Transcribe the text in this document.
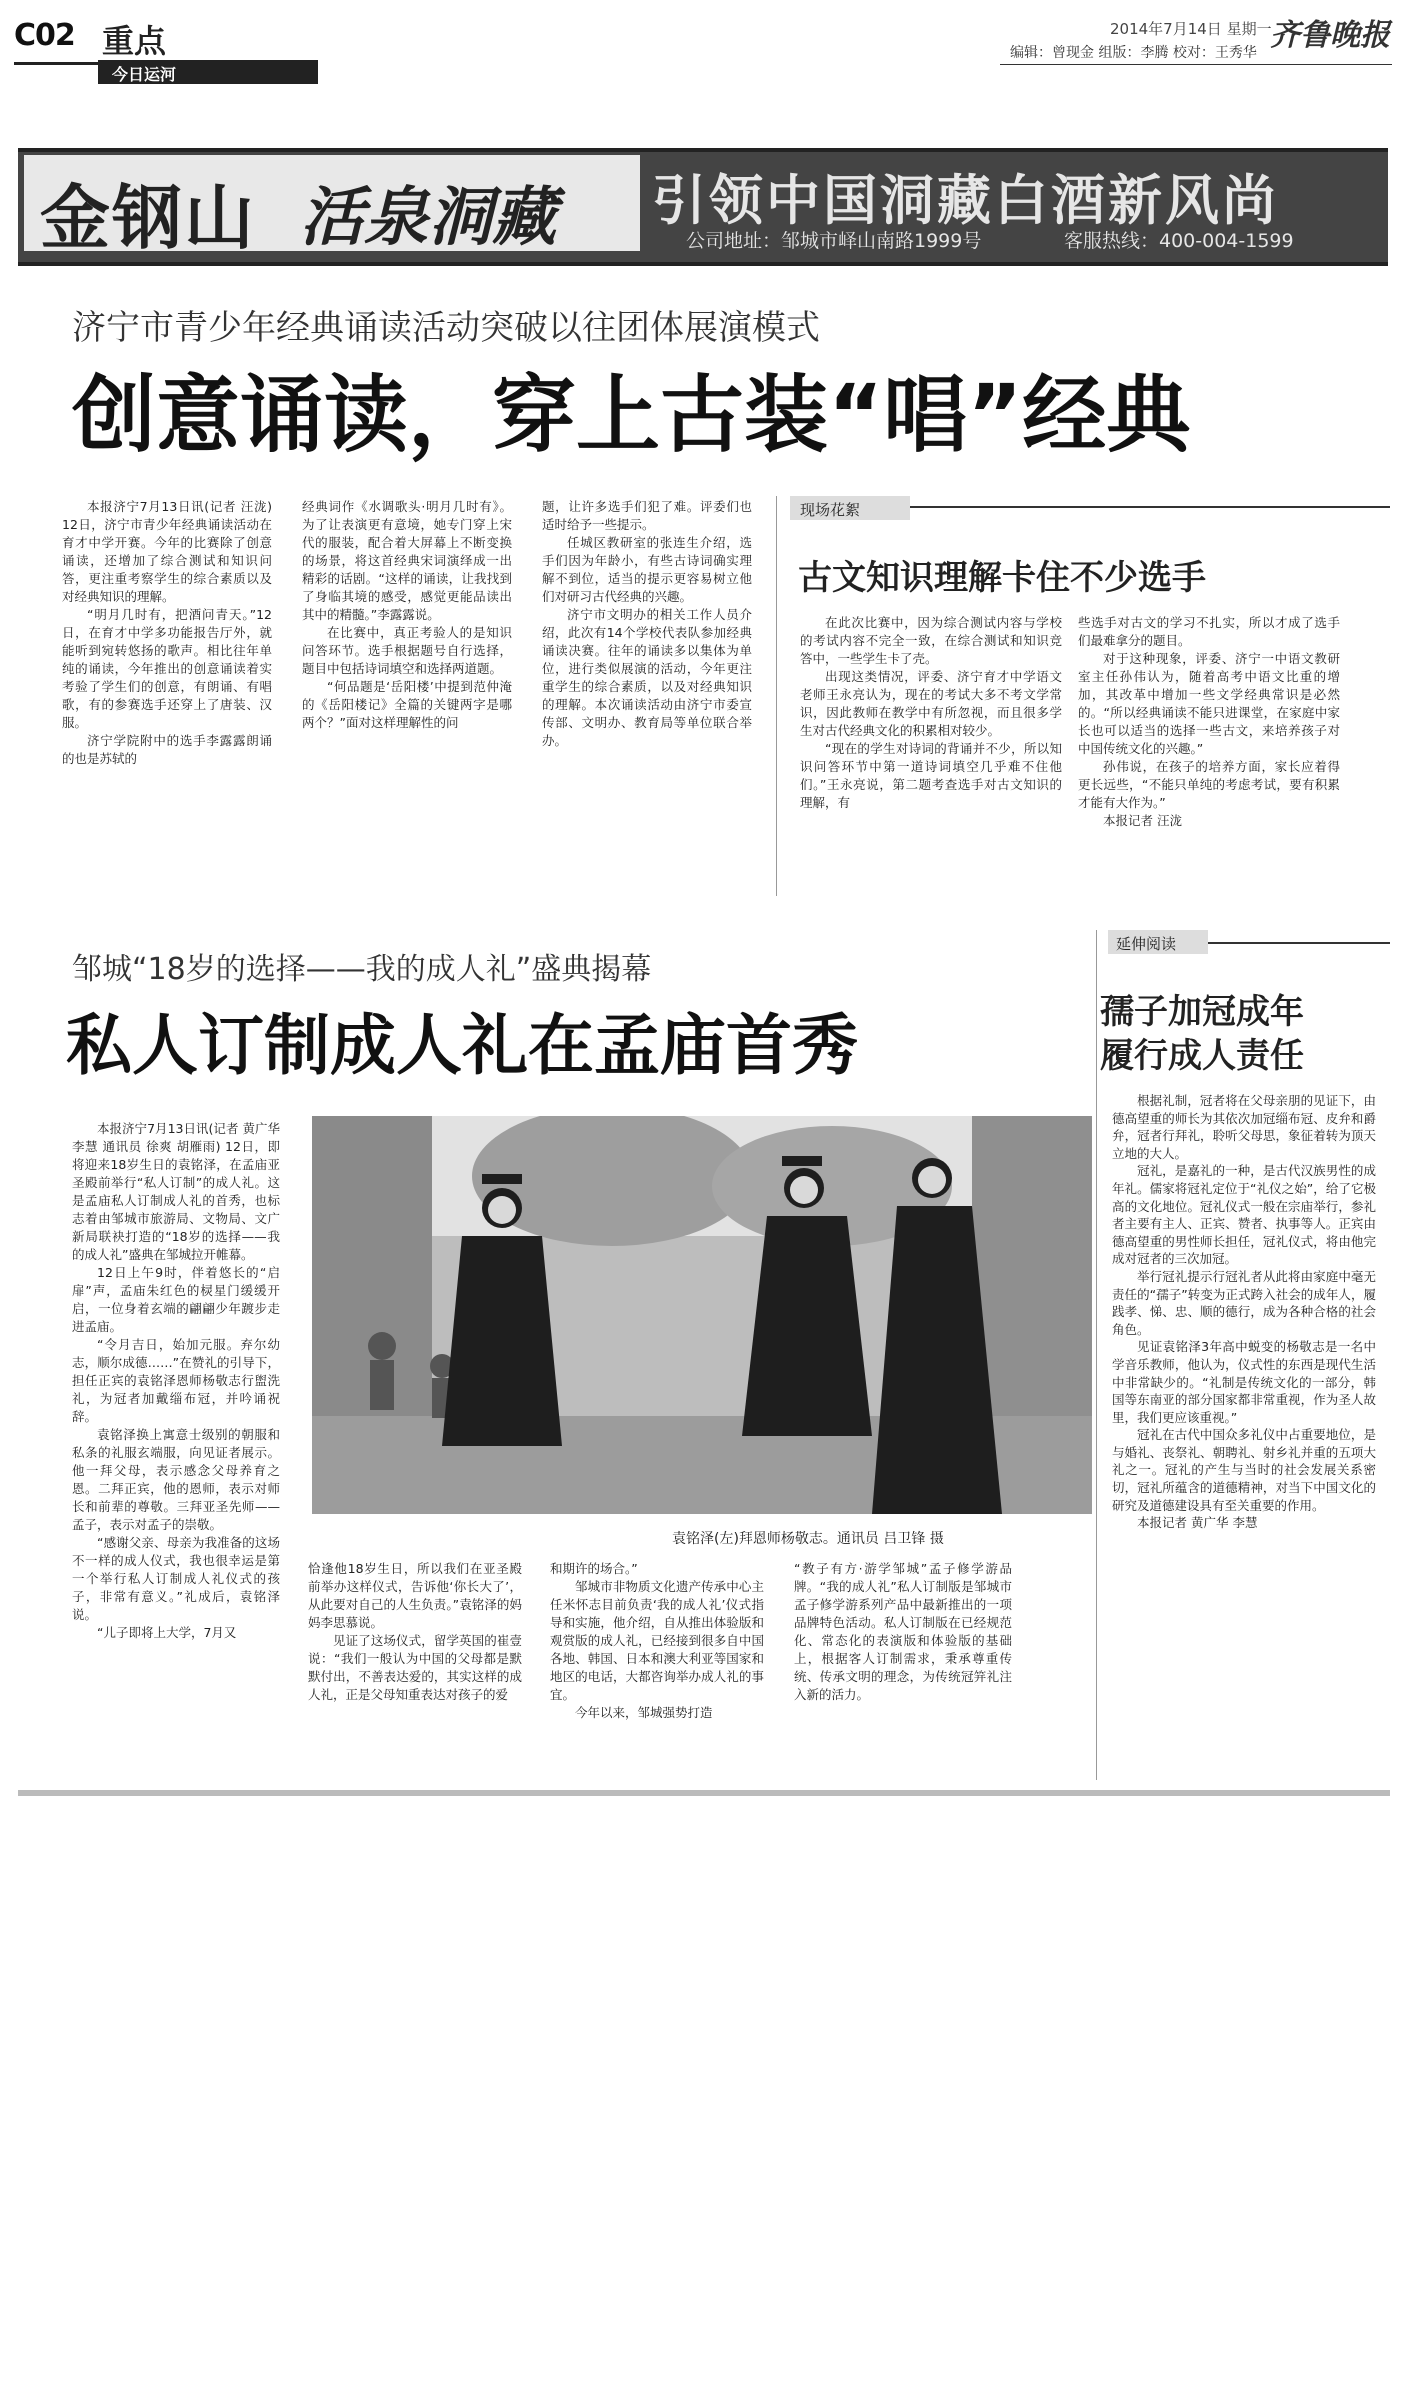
C02 重点
今日运河
2014年7月14日 星期一
齐鲁晚报
编辑：曾现金 组版：李腾 校对：王秀华
金钢山 活泉洞藏 引领中国洞藏白酒新风尚
公司地址：邹城市峄山南路1999号	客服热线：400-004-1599
济宁市青少年经典诵读活动突破以往团体展演模式
创意诵读，穿上古装“唱”经典

本报济宁7月13日讯(记者 汪泷) 12日，济宁市青少年经典诵读活动在育才中学开赛。今年的比赛除了创意诵读，还增加了综合测试和知识问答，更注重考察学生的综合素质以及对经典知识的理解。

“明月几时有，把酒问青天。”12日，在育才中学多功能报告厅外，就能听到宛转悠扬的歌声。相比往年单纯的诵读，今年推出的创意诵读着实考验了学生们的创意，有朗诵、有唱歌，有的参赛选手还穿上了唐装、汉服。

济宁学院附中的选手李露露朗诵的也是苏轼的

经典词作《水调歌头·明月几时有》。为了让表演更有意境，她专门穿上宋代的服装，配合着大屏幕上不断变换的场景，将这首经典宋词演绎成一出精彩的话剧。“这样的诵读，让我找到了身临其境的感受，感觉更能品读出其中的精髓。”李露露说。

在比赛中，真正考验人的是知识问答环节。选手根据题号自行选择，题目中包括诗词填空和选择两道题。

“何品题是‘岳阳楼’中提到范仲淹的《岳阳楼记》全篇的关键两字是哪两个？”面对这样理解性的问

题，让许多选手们犯了难。评委们也适时给予一些提示。

任城区教研室的张连生介绍，选手们因为年龄小，有些古诗词确实理解不到位，适当的提示更容易树立他们对研习古代经典的兴趣。

济宁市文明办的相关工作人员介绍，此次有14个学校代表队参加经典诵读决赛。往年的诵读多以集体为单位，进行类似展演的活动，今年更注重学生的综合素质，以及对经典知识的理解。本次诵读活动由济宁市委宣传部、文明办、教育局等单位联合举办。

现场花絮
古文知识理解卡住不少选手

在此次比赛中，因为综合测试内容与学校的考试内容不完全一致，在综合测试和知识竞答中，一些学生卡了壳。

出现这类情况，评委、济宁育才中学语文老师王永亮认为，现在的考试大多不考文学常识，因此教师在教学中有所忽视，而且很多学生对古代经典文化的积累相对较少。

“现在的学生对诗词的背诵并不少，所以知识问答环节中第一道诗词填空几乎难不住他们。”王永亮说，第二题考查选手对古文知识的理解，有

些选手对古文的学习不扎实，所以才成了选手们最难拿分的题目。

对于这种现象，评委、济宁一中语文教研室主任孙伟认为，随着高考中语文比重的增加，其改革中增加一些文学经典常识是必然的。“所以经典诵读不能只进课堂，在家庭中家长也可以适当的选择一些古文，来培养孩子对中国传统文化的兴趣。”

孙伟说，在孩子的培养方面，家长应着得更长远些，“不能只单纯的考虑考试，要有积累才能有大作为。”

本报记者 汪泷

邹城“18岁的选择——我的成人礼”盛典揭幕
私人订制成人礼在孟庙首秀

本报济宁7月13日讯(记者 黄广华 李慧 通讯员 徐爽 胡雁雨) 12日，即将迎来18岁生日的袁铭泽，在孟庙亚圣殿前举行“私人订制”的成人礼。这是孟庙私人订制成人礼的首秀，也标志着由邹城市旅游局、文物局、文广新局联袂打造的“18岁的选择——我的成人礼”盛典在邹城拉开帷幕。

12日上午9时，伴着悠长的“启扉”声，孟庙朱红色的棂星门缓缓开启，一位身着玄端的翩翩少年踱步走进孟庙。

“令月吉日，始加元服。弃尔幼志，顺尔成德……”在赞礼的引导下，担任正宾的袁铭泽恩师杨敬志行盥洗礼，为冠者加戴缁布冠，并吟诵祝辞。

袁铭泽换上寓意士级别的朝服和私条的礼服玄端服，向见证者展示。他一拜父母，表示感念父母养育之恩。二拜正宾，他的恩师，表示对师长和前辈的尊敬。三拜亚圣先师——孟子，表示对孟子的崇敬。

“感谢父亲、母亲为我准备的这场不一样的成人仪式，我也很幸运是第一个举行私人订制成人礼仪式的孩子，非常有意义。”礼成后，袁铭泽说。

“儿子即将上大学，7月又

袁铭泽(左)拜恩师杨敬志。通讯员 吕卫锋 摄

恰逢他18岁生日，所以我们在亚圣殿前举办这样仪式，告诉他‘你长大了’，从此要对自己的人生负责。”袁铭泽的妈妈李思慕说。

见证了这场仪式，留学英国的崔壹说：“我们一般认为中国的父母都是默默付出，不善表达爱的，其实这样的成人礼，正是父母知重表达对孩子的爱

和期许的场合。”

邹城市非物质文化遗产传承中心主任米怀志目前负责‘我的成人礼’仪式指导和实施，他介绍，自从推出体验版和观赏版的成人礼，已经接到很多自中国各地、韩国、日本和澳大利亚等国家和地区的电话，大都咨询举办成人礼的事宜。

今年以来，邹城强势打造

“教子有方·游学邹城”孟子修学游品牌。“我的成人礼”私人订制版是邹城市孟子修学游系列产品中最新推出的一项品牌特色活动。私人订制版在已经规范化、常态化的表演版和体验版的基础上，根据客人订制需求，秉承尊重传统、传承文明的理念，为传统冠笄礼注入新的活力。

延伸阅读
孺子加冠成年
履行成人责任

根据礼制，冠者将在父母亲朋的见证下，由德高望重的师长为其依次加冠缁布冠、皮弁和爵弁，冠者行拜礼，聆听父母思，象征着转为顶天立地的大人。

冠礼，是嘉礼的一种，是古代汉族男性的成年礼。儒家将冠礼定位于“礼仪之始”，给了它极高的文化地位。冠礼仪式一般在宗庙举行，参礼者主要有主人、正宾、赞者、执事等人。正宾由德高望重的男性师长担任，冠礼仪式，将由他完成对冠者的三次加冠。

举行冠礼提示行冠礼者从此将由家庭中毫无责任的“孺子”转变为正式跨入社会的成年人，履践孝、悌、忠、顺的德行，成为各种合格的社会角色。

见证袁铭泽3年高中蜕变的杨敬志是一名中学音乐教师，他认为，仪式性的东西是现代生活中非常缺少的。“礼制是传统文化的一部分，韩国等东南亚的部分国家都非常重视，作为圣人故里，我们更应该重视。”

冠礼在古代中国众多礼仪中占重要地位，是与婚礼、丧祭礼、朝聘礼、射乡礼并重的五项大礼之一。冠礼的产生与当时的社会发展关系密切，冠礼所蕴含的道德精神，对当下中国文化的研究及道德建设具有至关重要的作用。

本报记者 黄广华 李慧
